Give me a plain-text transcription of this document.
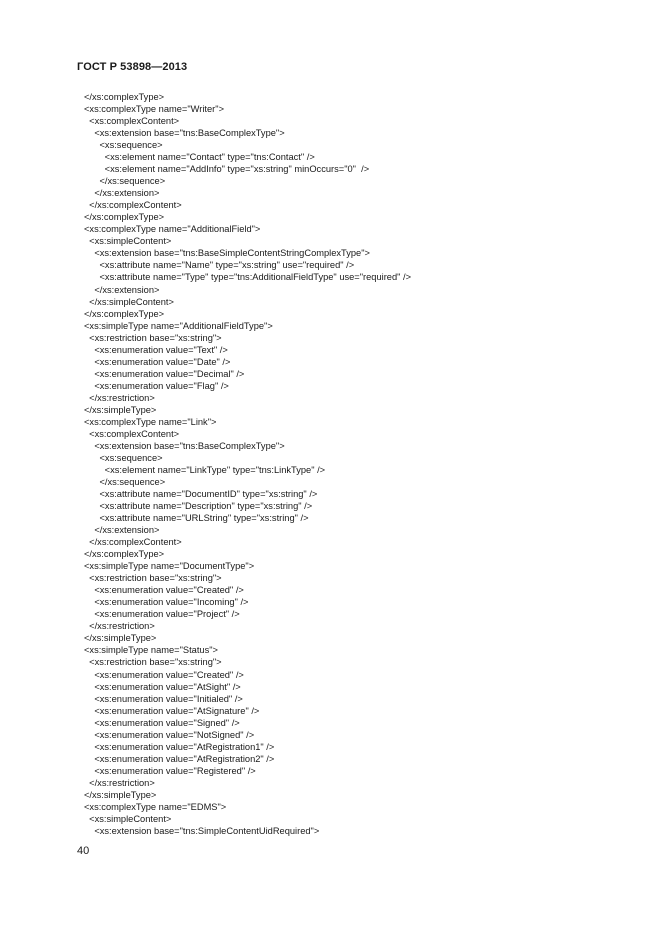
ГОСТ Р 53898—2013
</xs:complexType>
<xs:complexType name="Writer">
<xs:complexContent>
<xs:extension base="tns:BaseComplexType">
<xs:sequence>
<xs:element name="Contact" type="tns:Contact" />
<xs:element name="AddInfo" type="xs:string" minOccurs="0"  />
</xs:sequence>
</xs:extension>
</xs:complexContent>
</xs:complexType>
<xs:complexType name="AdditionalField">
<xs:simpleContent>
<xs:extension base="tns:BaseSimpleContentStringComplexType">
<xs:attribute name="Name" type="xs:string" use="required" />
<xs:attribute name="Type" type="tns:AdditionalFieldType" use="required" />
</xs:extension>
</xs:simpleContent>
</xs:complexType>
<xs:simpleType name="AdditionalFieldType">
<xs:restriction base="xs:string">
<xs:enumeration value="Text" />
<xs:enumeration value="Date" />
<xs:enumeration value="Decimal" />
<xs:enumeration value="Flag" />
</xs:restriction>
</xs:simpleType>
<xs:complexType name="Link">
<xs:complexContent>
<xs:extension base="tns:BaseComplexType">
<xs:sequence>
<xs:element name="LinkType" type="tns:LinkType" />
</xs:sequence>
<xs:attribute name="DocumentID" type="xs:string" />
<xs:attribute name="Description" type="xs:string" />
<xs:attribute name="URLString" type="xs:string" />
</xs:extension>
</xs:complexContent>
</xs:complexType>
<xs:simpleType name="DocumentType">
<xs:restriction base="xs:string">
<xs:enumeration value="Created" />
<xs:enumeration value="Incoming" />
<xs:enumeration value="Project" />
</xs:restriction>
</xs:simpleType>
<xs:simpleType name="Status">
<xs:restriction base="xs:string">
<xs:enumeration value="Created" />
<xs:enumeration value="AtSight" />
<xs:enumeration value="Initialed" />
<xs:enumeration value="AtSignature" />
<xs:enumeration value="Signed" />
<xs:enumeration value="NotSigned" />
<xs:enumeration value="AtRegistration1" />
<xs:enumeration value="AtRegistration2" />
<xs:enumeration value="Registered" />
</xs:restriction>
</xs:simpleType>
<xs:complexType name="EDMS">
<xs:simpleContent>
<xs:extension base="tns:SimpleContentUidRequired">
40
